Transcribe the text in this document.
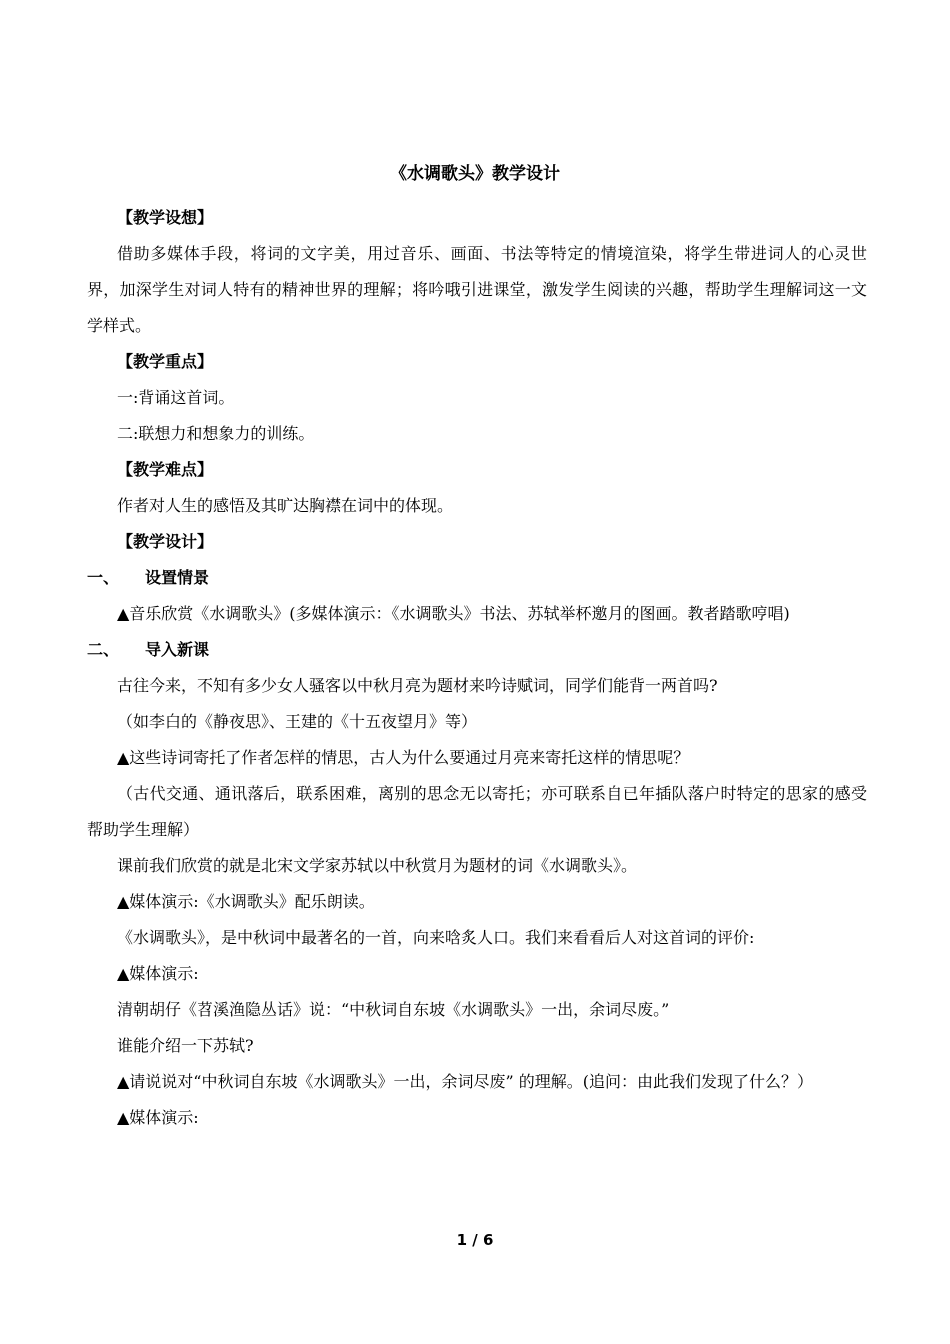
《水调歌头》教学设计
【教学设想】
借助多媒体手段，将词的文字美，用过音乐、画面、书法等特定的情境渲染，将学生带进词人的心灵世界，加深学生对词人特有的精神世界的理解；将吟哦引进课堂，激发学生阅读的兴趣，帮助学生理解词这一文学样式。
【教学重点】
一:背诵这首词。
二:联想力和想象力的训练。
【教学难点】
作者对人生的感悟及其旷达胸襟在词中的体现。
【教学设计】
一、 设置情景
▲音乐欣赏《水调歌头》(多媒体演示：《水调歌头》书法、苏轼举杯邀月的图画。教者踏歌哼唱)
二、 导入新课
古往今来，不知有多少女人骚客以中秋月亮为题材来吟诗赋词，同学们能背一两首吗?
（如李白的《静夜思》、王建的《十五夜望月》等）
▲这些诗词寄托了作者怎样的情思，古人为什么要通过月亮来寄托这样的情思呢？
（古代交通、通讯落后，联系困难，离别的思念无以寄托；亦可联系自已年插队落户时特定的思家的感受帮助学生理解）
课前我们欣赏的就是北宋文学家苏轼以中秋赏月为题材的词《水调歌头》。
▲媒体演示:《水调歌头》配乐朗读。
《水调歌头》，是中秋词中最著名的一首，向来唅炙人口。我们来看看后人对这首词的评价:
▲媒体演示:
清朝胡仔《苕溪渔隐丛话》说：“中秋词自东坡《水调歌头》一出，余词尽废。”
谁能介绍一下苏轼?
▲请说说对“中秋词自东坡《水调歌头》一出，余词尽废” 的理解。(追问：由此我们发现了什么？）
▲媒体演示:
1 / 6
